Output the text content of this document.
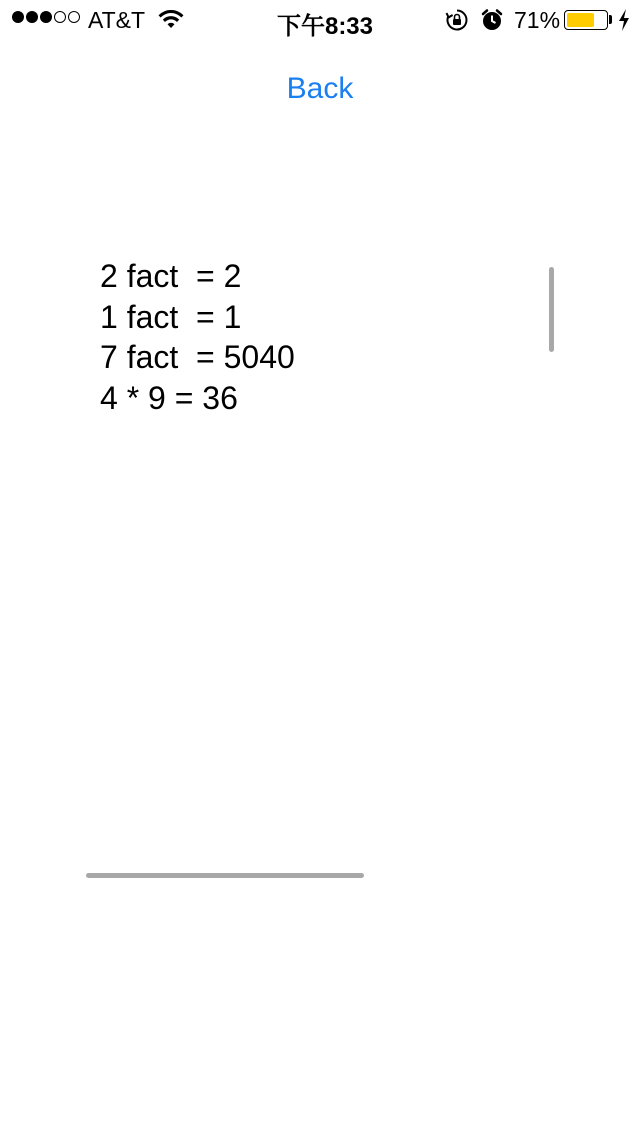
AT&T	下午8:33	71%
Back
2 fact  = 2
1 fact  = 1
7 fact  = 5040
4 * 9 = 36
